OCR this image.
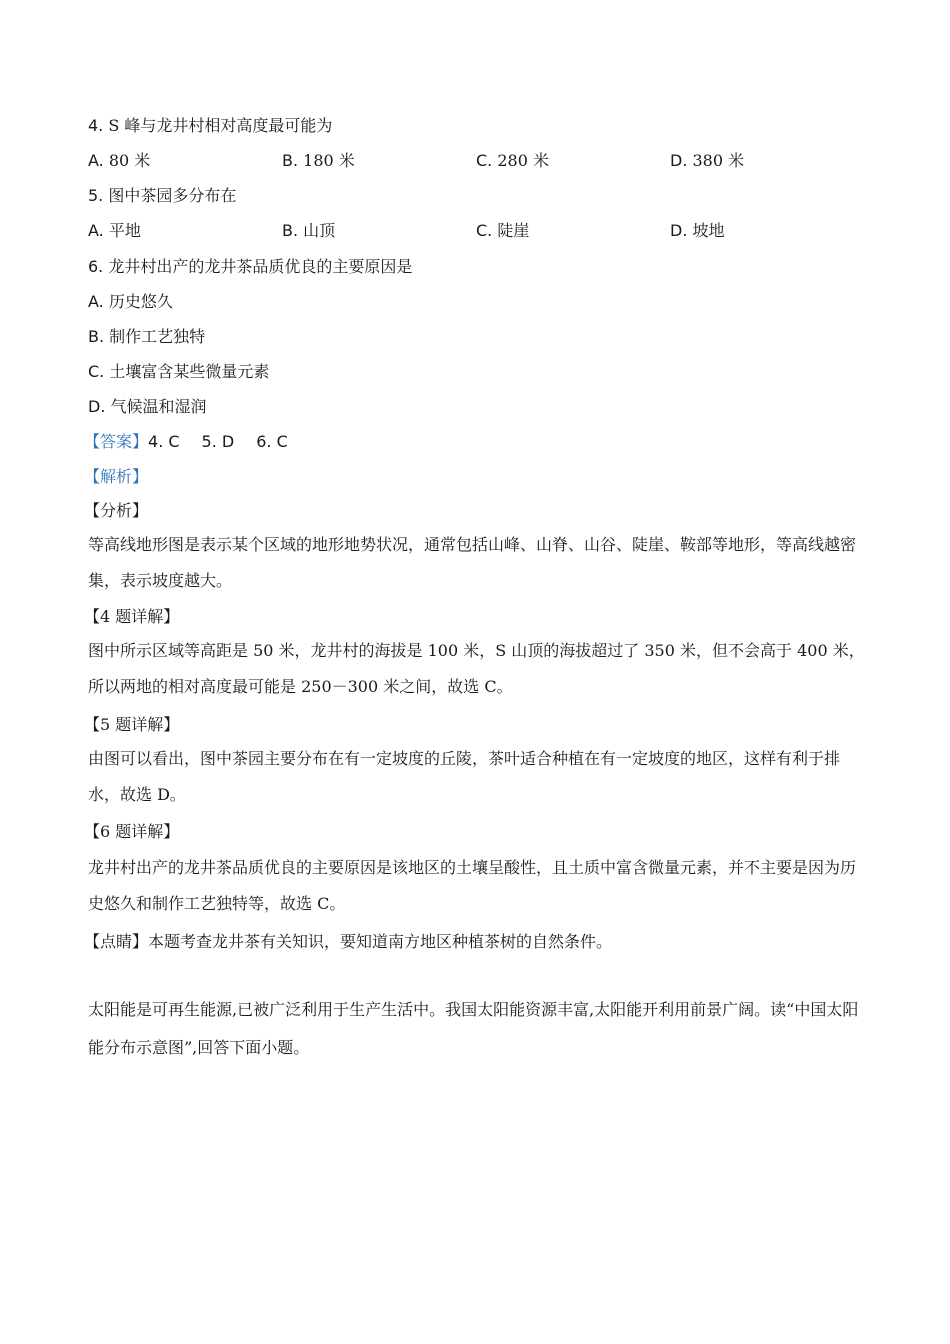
4. S 峰与龙井村相对高度最可能为
A. 80 米	B. 180 米	C. 280 米	D. 380 米
5. 图中茶园多分布在
A. 平地	B. 山顶	C. 陡崖	D. 坡地
6. 龙井村出产的龙井茶品质优良的主要原因是
A. 历史悠久
B. 制作工艺独特
C. 土壤富含某些微量元素
D. 气候温和湿润
【答案】4. C 5. D 6. C
【解析】
【分析】
等高线地形图是表示某个区域的地形地势状况，通常包括山峰、山脊、山谷、陡崖、鞍部等地形，等高线越密集，表示坡度越大。
【4 题详解】
图中所示区域等高距是 50 米，龙井村的海拔是 100 米，S 山顶的海拔超过了 350 米，但不会高于 400 米，所以两地的相对高度最可能是 250－300 米之间，故选 C。
【5 题详解】
由图可以看出，图中茶园主要分布在有一定坡度的丘陵，茶叶适合种植在有一定坡度的地区，这样有利于排水，故选 D。
【6 题详解】
龙井村出产的龙井茶品质优良的主要原因是该地区的土壤呈酸性，且土质中富含微量元素，并不主要是因为历史悠久和制作工艺独特等，故选 C。
【点睛】本题考查龙井茶有关知识，要知道南方地区种植茶树的自然条件。
太阳能是可再生能源,已被广泛利用于生产生活中。我国太阳能资源丰富,太阳能开利用前景广阔。读“中国太阳能分布示意图”,回答下面小题。
